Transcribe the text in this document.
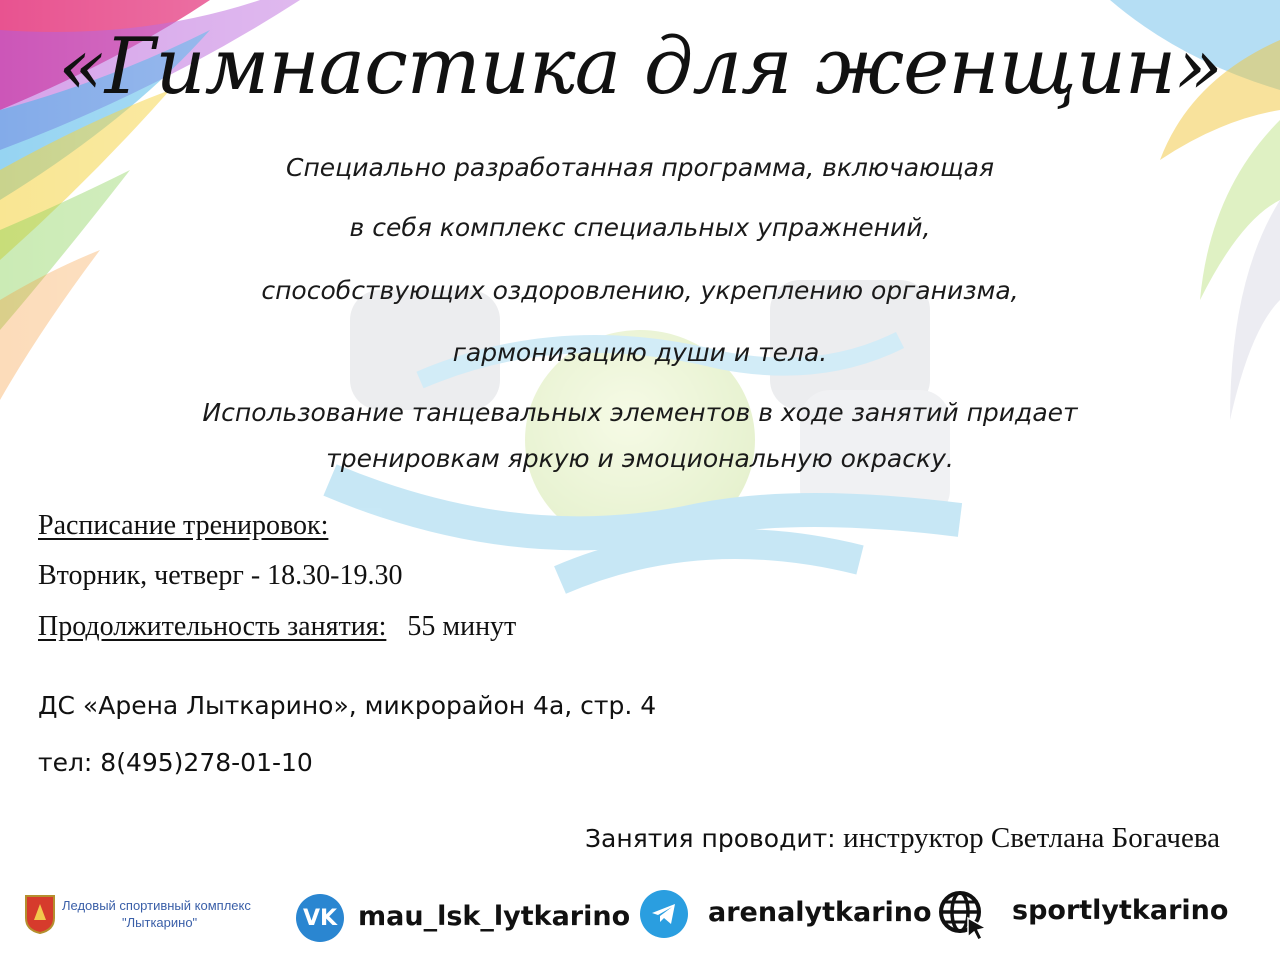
«Гимнастика для женщин»
Специально разработанная программа, включающая
в себя комплекс специальных упражнений,
способствующих оздоровлению, укреплению организма,
гармонизацию души и тела.
Использование танцевальных элементов в ходе занятий придает
тренировкам яркую и эмоциональную окраску.
Расписание тренировок:
Вторник, четверг - 18.30-19.30
Продолжительность занятия: 55 минут
ДС «Арена Лыткарино», микрорайон 4а, стр. 4
тел: 8(495)278-01-10
Занятия проводит: инструктор Светлана Богачева
Ледовый спортивный комплекс
"Лыткарино"	VK mau_lsk_lytkarino	arenalytkarino	sportlytkarino
